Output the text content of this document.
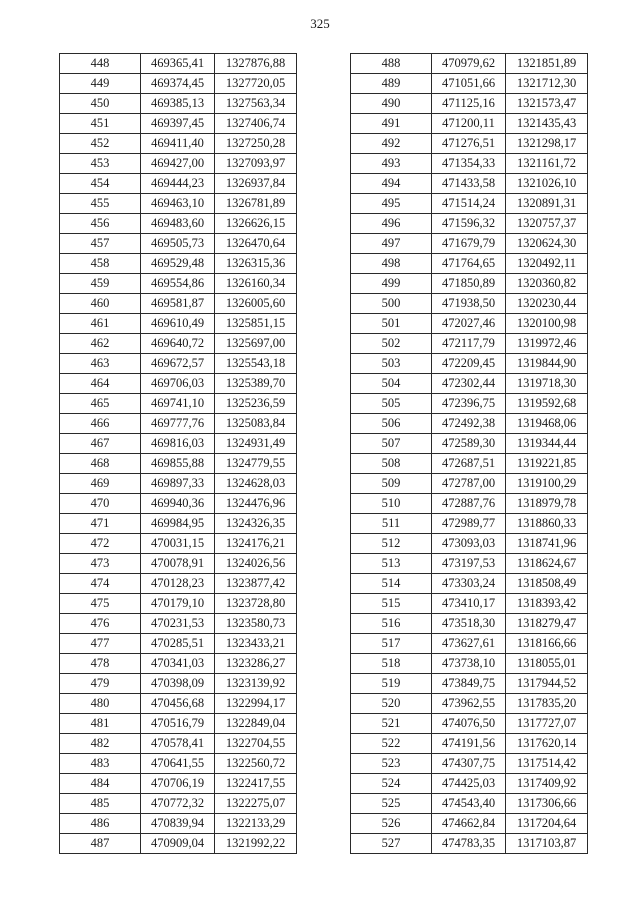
325
448	469365,41	1327876,88
449	469374,45	1327720,05
450	469385,13	1327563,34
451	469397,45	1327406,74
452	469411,40	1327250,28
453	469427,00	1327093,97
454	469444,23	1326937,84
455	469463,10	1326781,89
456	469483,60	1326626,15
457	469505,73	1326470,64
458	469529,48	1326315,36
459	469554,86	1326160,34
460	469581,87	1326005,60
461	469610,49	1325851,15
462	469640,72	1325697,00
463	469672,57	1325543,18
464	469706,03	1325389,70
465	469741,10	1325236,59
466	469777,76	1325083,84
467	469816,03	1324931,49
468	469855,88	1324779,55
469	469897,33	1324628,03
470	469940,36	1324476,96
471	469984,95	1324326,35
472	470031,15	1324176,21
473	470078,91	1324026,56
474	470128,23	1323877,42
475	470179,10	1323728,80
476	470231,53	1323580,73
477	470285,51	1323433,21
478	470341,03	1323286,27
479	470398,09	1323139,92
480	470456,68	1322994,17
481	470516,79	1322849,04
482	470578,41	1322704,55
483	470641,55	1322560,72
484	470706,19	1322417,55
485	470772,32	1322275,07
486	470839,94	1322133,29
487	470909,04	1321992,22
488	470979,62	1321851,89
489	471051,66	1321712,30
490	471125,16	1321573,47
491	471200,11	1321435,43
492	471276,51	1321298,17
493	471354,33	1321161,72
494	471433,58	1321026,10
495	471514,24	1320891,31
496	471596,32	1320757,37
497	471679,79	1320624,30
498	471764,65	1320492,11
499	471850,89	1320360,82
500	471938,50	1320230,44
501	472027,46	1320100,98
502	472117,79	1319972,46
503	472209,45	1319844,90
504	472302,44	1319718,30
505	472396,75	1319592,68
506	472492,38	1319468,06
507	472589,30	1319344,44
508	472687,51	1319221,85
509	472787,00	1319100,29
510	472887,76	1318979,78
511	472989,77	1318860,33
512	473093,03	1318741,96
513	473197,53	1318624,67
514	473303,24	1318508,49
515	473410,17	1318393,42
516	473518,30	1318279,47
517	473627,61	1318166,66
518	473738,10	1318055,01
519	473849,75	1317944,52
520	473962,55	1317835,20
521	474076,50	1317727,07
522	474191,56	1317620,14
523	474307,75	1317514,42
524	474425,03	1317409,92
525	474543,40	1317306,66
526	474662,84	1317204,64
527	474783,35	1317103,87
